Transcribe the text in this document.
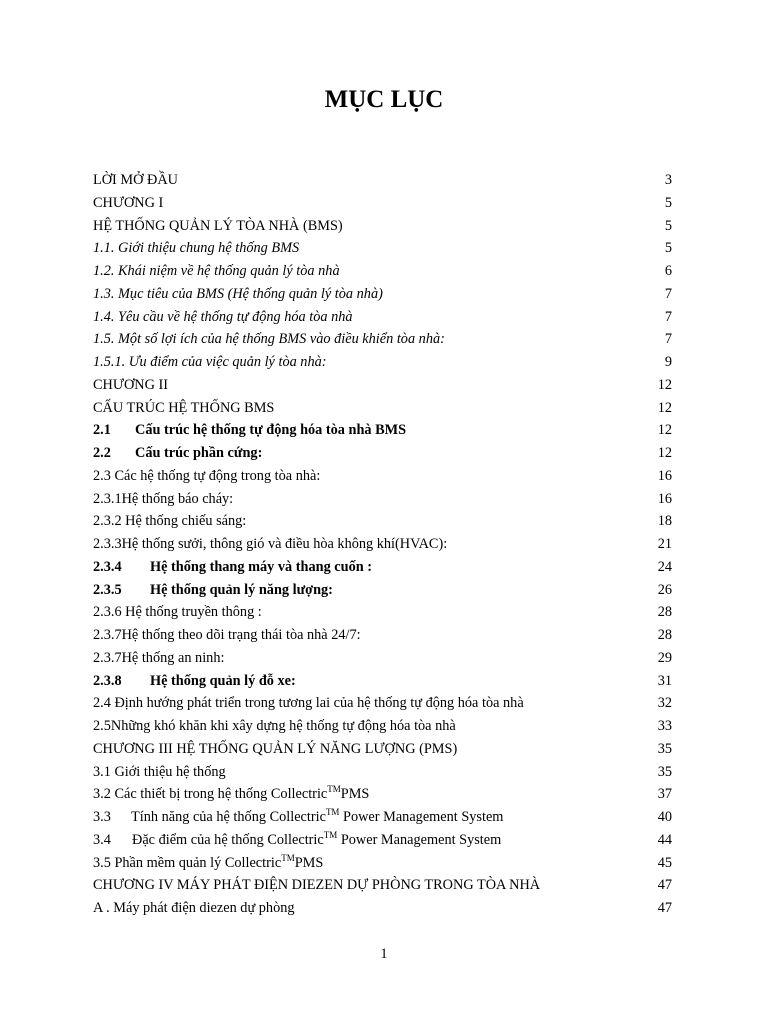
MỤC LỤC
LỜI MỞ ĐẦU	3
CHƯƠNG I	5
HỆ THỐNG QUẢN LÝ TÒA NHÀ (BMS)	5
1.1. Giới thiệu chung hệ thống BMS	5
1.2. Khái niệm về hệ thống quản lý tòa nhà	6
1.3. Mục tiêu của BMS (Hệ thống quản lý tòa nhà)	7
1.4. Yêu cầu về hệ thống tự động hóa tòa nhà	7
1.5. Một số lợi ích của hệ thống BMS vào điều khiển tòa nhà:	7
1.5.1. Ưu điểm của việc quản lý tòa nhà:	9
CHƯƠNG II	12
CẤU TRÚC HỆ THỐNG BMS	12
2.1 Cấu trúc hệ thống tự động hóa tòa nhà BMS	12
2.2 Cấu trúc phần cứng:	12
2.3 Các hệ thống tự động trong tòa nhà:	16
2.3.1Hệ thống báo cháy:	16
2.3.2 Hệ thống chiếu sáng:	18
2.3.3Hệ thống sưởi, thông gió và điều hòa không khí(HVAC):	21
2.3.4 Hệ thống thang máy và thang cuốn :	24
2.3.5 Hệ thống quản lý năng lượng:	26
2.3.6 Hệ thống truyền thông :	28
2.3.7Hệ thống theo dõi trạng thái tòa nhà 24/7:	28
2.3.7Hệ thống an ninh:	29
2.3.8 Hệ thống quản lý đỗ xe:	31
2.4 Định hướng phát triển trong tương lai của hệ thống tự động hóa tòa nhà	32
2.5Những khó khăn khi xây dựng hệ thống tự động hóa tòa nhà	33
CHƯƠNG III HỆ THỐNG QUẢN LÝ NĂNG LƯỢNG (PMS)	35
3.1 Giới thiệu hệ thống	35
3.2 Các thiết bị trong hệ thống Collectric™PMS	37
3.3 Tính năng của hệ thống Collectric™ Power Management System	40
3.4 Đặc điểm của hệ thống Collectric™ Power Management System	44
3.5 Phần mềm quản lý Collectric™PMS	45
CHƯƠNG IV MÁY PHÁT ĐIỆN DIEZEN DỰ PHÒNG TRONG TÒA NHÀ	47
A . Máy phát điện diezen dự phòng	47
1
